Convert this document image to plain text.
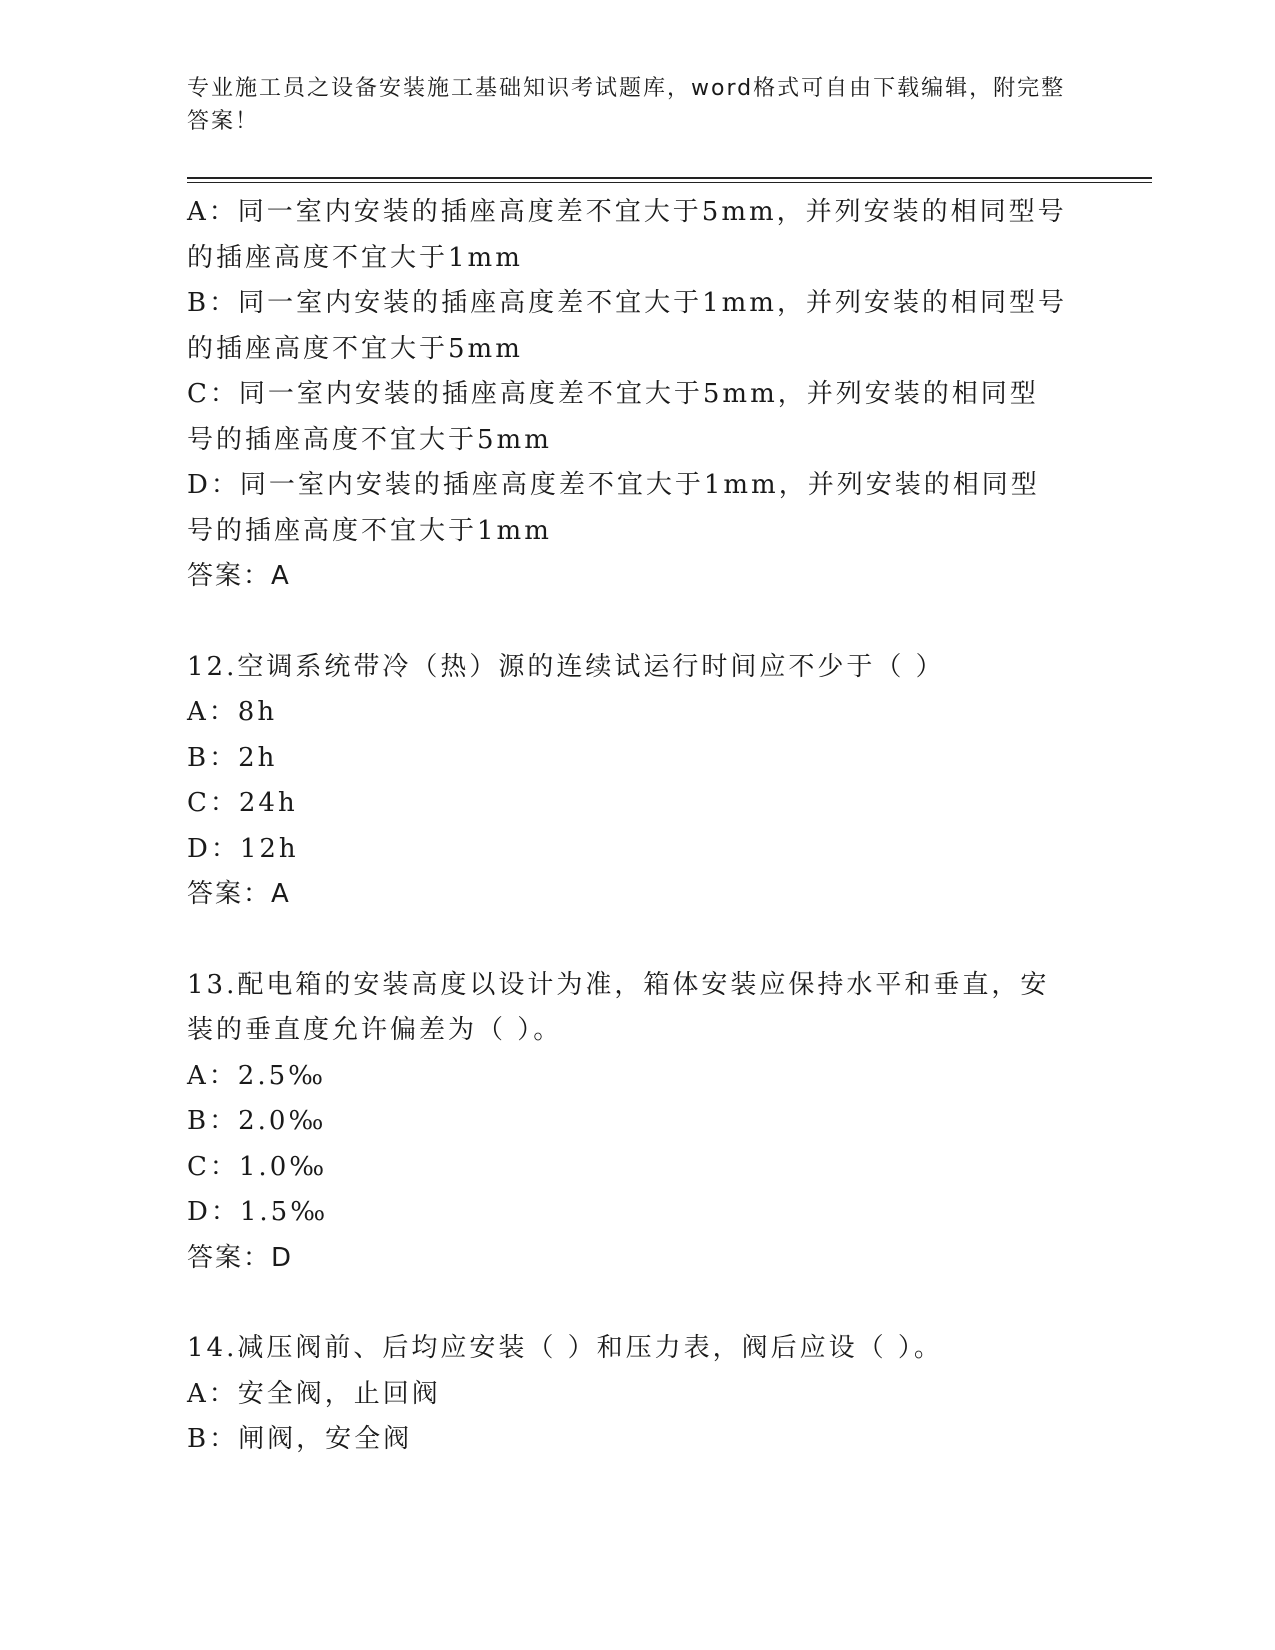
专业施工员之设备安装施工基础知识考试题库，word格式可自由下载编辑，附完整答案！
A：同一室内安装的插座高度差不宜大于5mm，并列安装的相同型号的插座高度不宜大于1mm
B：同一室内安装的插座高度差不宜大于1mm，并列安装的相同型号的插座高度不宜大于5mm
C：同一室内安装的插座高度差不宜大于5mm，并列安装的相同型号的插座高度不宜大于5mm
D：同一室内安装的插座高度差不宜大于1mm，并列安装的相同型号的插座高度不宜大于1mm
答案：A
12.空调系统带冷（热）源的连续试运行时间应不少于（ ）
A：8h
B：2h
C：24h
D：12h
答案：A
13.配电箱的安装高度以设计为准，箱体安装应保持水平和垂直，安装的垂直度允许偏差为（ ）。
A：2.5‰
B：2.0‰
C：1.0‰
D：1.5‰
答案：D
14.减压阀前、后均应安装（ ）和压力表，阀后应设（ ）。
A：安全阀，止回阀
B：闸阀，安全阀
